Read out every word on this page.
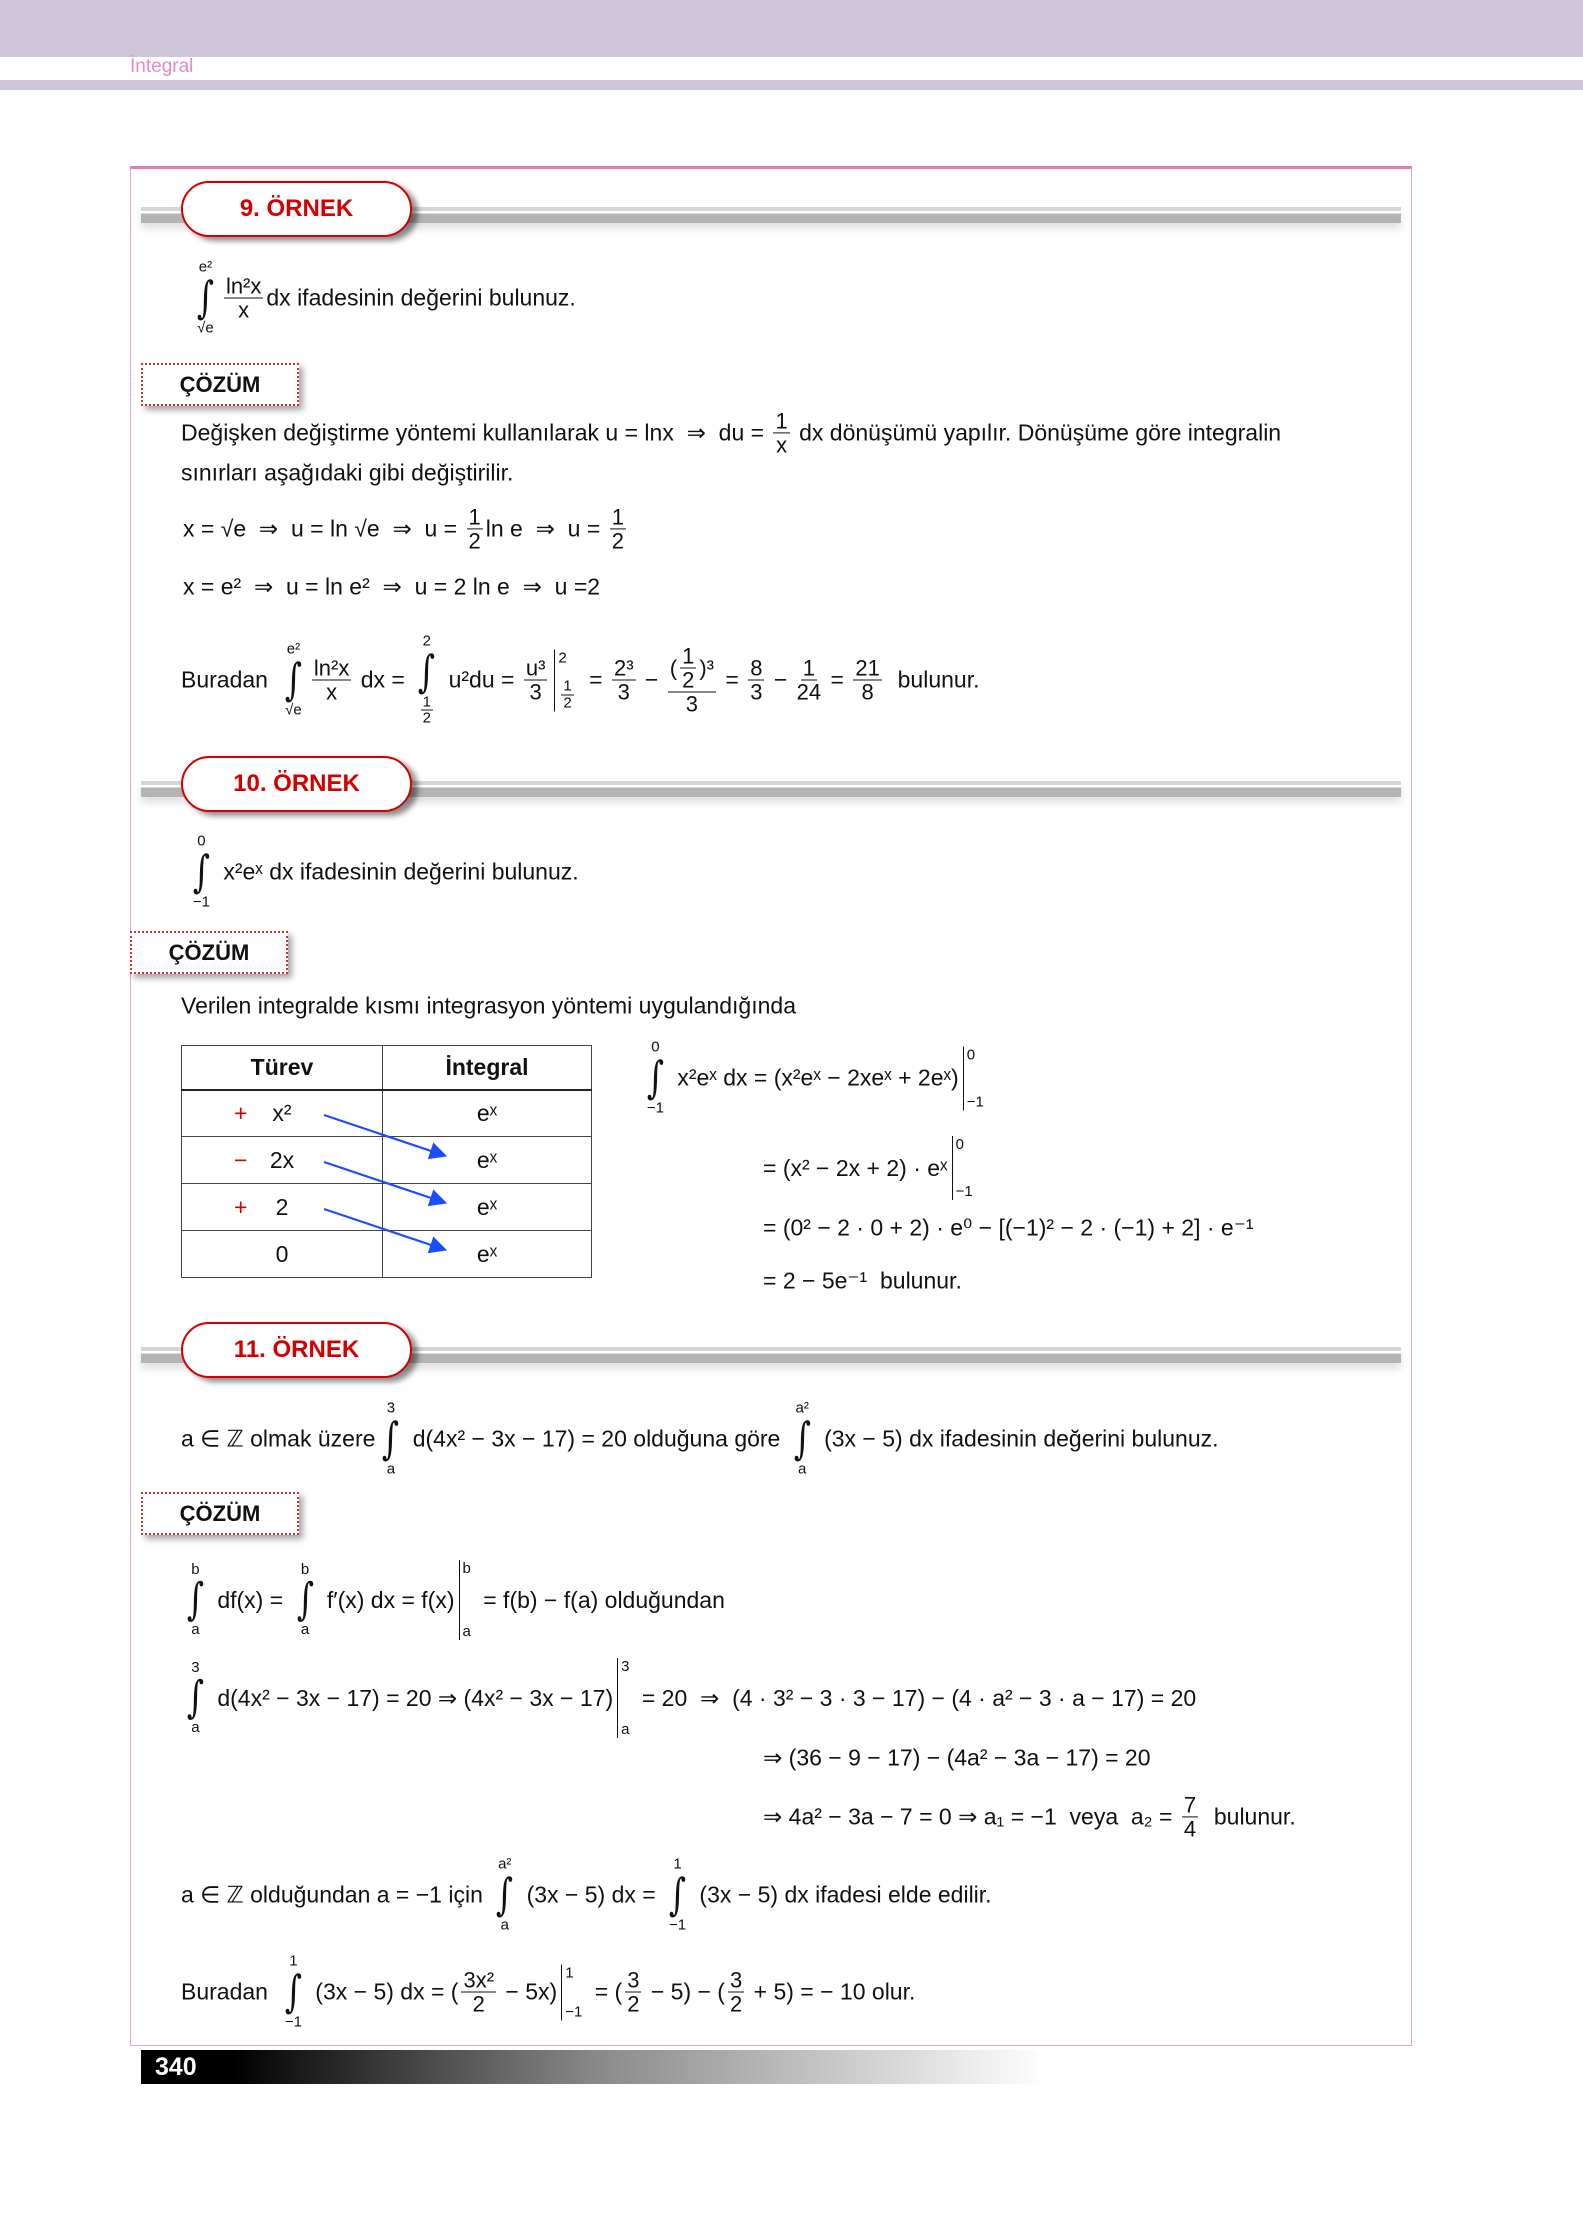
İntegral
9. ÖRNEK
e²
∫
√e
$\frac{\text{ln²x}}{x}$ dx ifadesinin değerini bulunuz.
ÇÖZÜM
Değişken değiştirme yöntemi kullanılarak u = lnx  ⇒  du = $\frac{1}{x}$ dx dönüşümü yapılır. Dönüşüme göre integralin
sınırları aşağıdaki gibi değiştirilir.
x = √e  ⇒  u = ln √e  ⇒  $u = \frac{1}{2}$ ln e  ⇒  $u = \frac{1}{2}$
x = e²  ⇒  u = ln e²  ⇒  u = 2 ln e  ⇒  u =2
Buradan
e²
∫
√e
$\frac{\text{ln²x}}{x}$ dx =
2
∫
$\frac{1}{2}$
$u^2du = \frac{\text{u³}}{3} 2$
$\frac{1}{2} = \frac{\text{2³}}{3} - \frac{( \frac{1}{2} )^3}{3} = \frac{8}{3} - \frac{1}{24} = \frac{21}{8}$ bulunur.
10. ÖRNEK
0
∫
−1
x²eˣ dx ifadesinin değerini bulunuz.
ÇÖZÜM
Verilen integralde kısmı integrasyon yöntemi uygulandığında
Türev	İntegral

+ x²	eˣ

− 2x	eˣ

+ 2	eˣ

0	eˣ
0
∫
−1
x²eˣ dx = (x²eˣ − 2xeˣ + 2eˣ)
0
−1
= (x² − 2x + 2) · eˣ
0
−1
= (0² − 2 · 0 + 2) · e⁰ − [(−1)² − 2 · (−1) + 2] · e⁻¹
= 2 − 5e⁻¹  bulunur.
11. ÖRNEK
a ∈ ℤ olmak üzere
3
∫
a
d(4x² − 3x − 17) = 20 olduğuna göre
a²
∫
a
(3x − 5) dx ifadesinin değerini bulunuz.
ÇÖZÜM
b
∫
a
df(x) =
b
∫
a
f′(x) dx = f(x)
b
a
= f(b) − f(a) olduğundan
3
∫
a
d(4x² − 3x − 17) = 20 ⇒ (4x² − 3x − 17)
3
a
= 20  ⇒  (4 · 3² − 3 · 3 − 17) − (4 · a² − 3 · a − 17) = 20
⇒ (36 − 9 − 17) − (4a² − 3a − 17) = 20
⇒ 4a² − 3a − 7 = 0 ⇒ a₁ = −1  veya  $a_2 = \frac{7}{4}$ bulunur.
a ∈ ℤ olduğundan a = −1 için
a²
∫
a
(3x − 5) dx =
1
∫
−1
(3x − 5) dx ifadesi elde edilir.
Buradan
1
∫
−1
(3x − 5) dx = ( $\frac{\text{3x²}}{2} - 5x$)
1
−1
= ( $\frac{3}{2} - 5$) − ( $\frac{3}{2} + 5$) = − 10 olur.
340
